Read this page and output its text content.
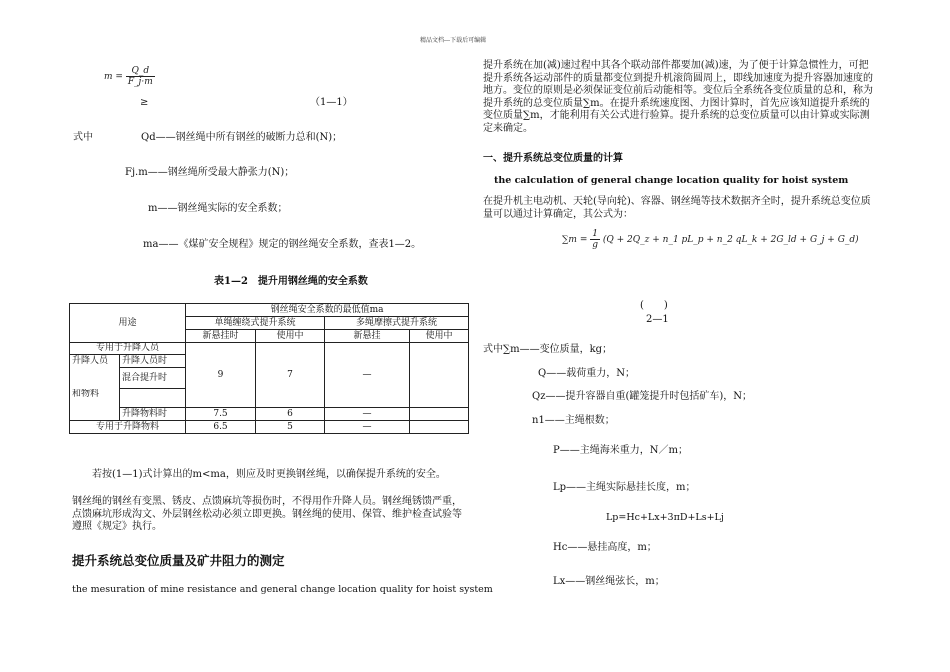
精品文档---下载后可编辑
$m = \frac{Q\_d}{F\_j\cdot m}$
≥	（1—1）
式中	Qd——钢丝绳中所有钢丝的破断力总和(N)；
Fj.m——钢丝绳所受最大静张力(N)；
m——钢丝绳实际的安全系数；
ma——《煤矿安全规程》规定的钢丝绳安全系数，查表1—2。
表1—2　提升用钢丝绳的安全系数
用途		钢丝绳安全系数的最低值ma			
		单绳缠绕式提升系统		多绳摩擦式提升系统	
		新悬挂时	使用中	新悬挂	使用中
专用于升降人员		9	7	—	
升降人员	升降人员时				
	混合提升时				
和物料					
	升降物料时	7.5	6	—	
专用于升降物料		6.5	5	—	
若按(1—1)式计算出的m<ma，则应及时更换钢丝绳，以确保提升系统的安全。
钢丝绳的钢丝有变黑、锈皮、点馈麻坑等损伤时，不得用作升降人员。钢丝绳锈馈严重，点馈麻坑形成沟文、外层钢丝松动必须立即更换。钢丝绳的使用、保管、维护检查试验等遵照《规定》执行。
提升系统总变位质量及矿井阻力的测定
the mesuration of mine resistance and general change location quality for hoist system
提升系统在加(减)速过程中其各个联动部件都要加(减)速，为了便于计算急惯性力，可把提升系统各运动部件的质量都变位到提升机滚筒圆周上，即线加速度为提升容器加速度的地方。变位的原则是必须保证变位前后动能相等。变位后全系统各变位质量的总和，称为提升系统的总变位质量∑m。在提升系统速度图、力图计算时，首先应该知道提升系统的变位质量∑m，才能利用有关公式进行验算。提升系统的总变位质量可以由计算或实际测定来确定。
一、提升系统总变位质量的计算
the calculation of general change location quality for hoist system
在提升机主电动机、天轮(导向轮)、容器、钢丝绳等技术数据齐全时，提升系统总变位质量可以通过计算确定，其公式为：
$\sum m = \frac{1}{g} (Q$ + 2Q_z + n_1 pL_p + n_2 qL_k + 2G_ld + G_j + G_d)
(　　)
2—1
式中∑m——变位质量，kg；
Q——载荷重力，N；
Qz——提升容器自重(罐笼提升时包括矿车)，N；
n1——主绳根数；
P——主绳海米重力，N／m；
Lp——主绳实际悬挂长度，m；
Lp=Hc+Lx+3πD+Ls+Lj
Hc——悬挂高度，m；
Lx——钢丝绳弦长，m；
